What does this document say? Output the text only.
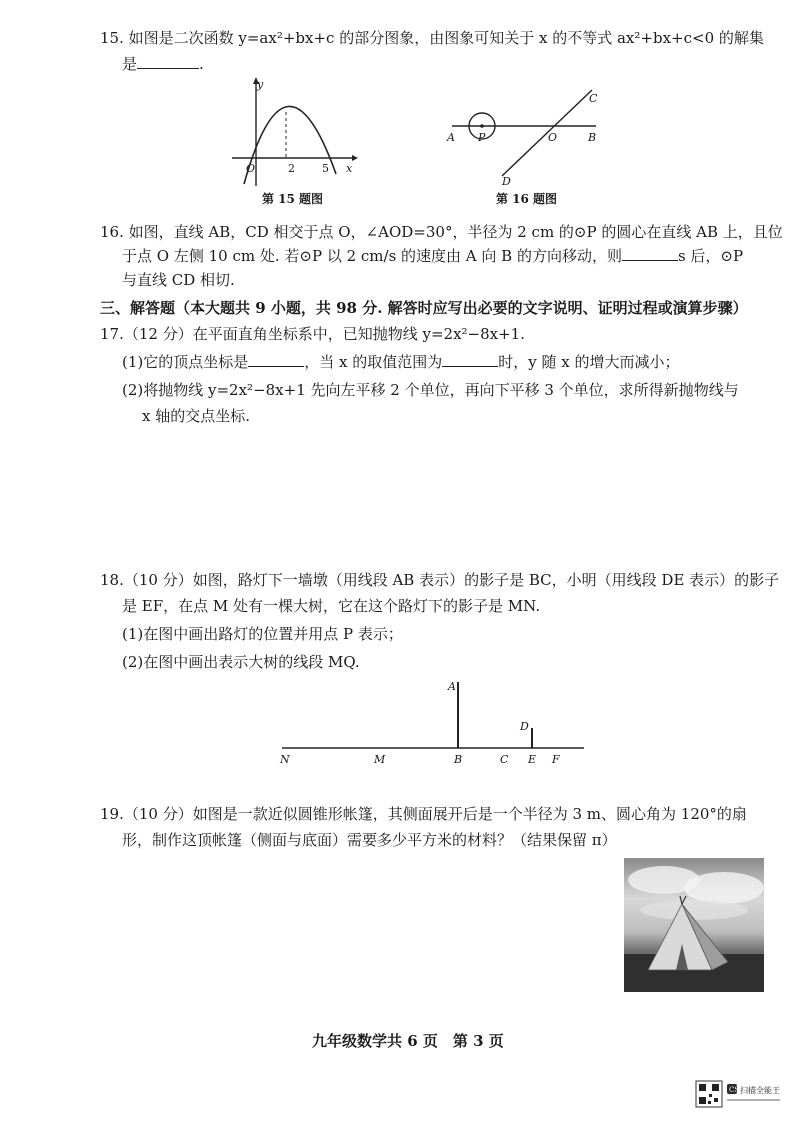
15. 如图是二次函数 y=ax²+bx+c 的部分图象，由图象可知关于 x 的不等式 ax²+bx+c<0 的解集
是	.
y
x
O	2 5
第 15 题图
A P	O	B
C
D
第 16 题图
16. 如图，直线 AB，CD 相交于点 O，∠AOD=30°，半径为 2 cm 的⊙P 的圆心在直线 AB 上，且位
于点 O 左侧 10 cm 处. 若⊙P 以 2 cm/s 的速度由 A 向 B 的方向移动，则	s 后，⊙P
与直线 CD 相切.
三、解答题（本大题共 9 小题，共 98 分. 解答时应写出必要的文字说明、证明过程或演算步骤）
17.（12 分）在平面直角坐标系中，已知抛物线 y=2x²−8x+1.
(1)它的顶点坐标是	，当 x 的取值范围为	时，y 随 x 的增大而减小；
(2)将抛物线 y=2x²−8x+1 先向左平移 2 个单位，再向下平移 3 个单位，求所得新抛物线与
x 轴的交点坐标.
18.（10 分）如图，路灯下一墙墩（用线段 AB 表示）的影子是 BC，小明（用线段 DE 表示）的影子
是 EF，在点 M 处有一棵大树，它在这个路灯下的影子是 MN.
(1)在图中画出路灯的位置并用点 P 表示；
(2)在图中画出表示大树的线段 MQ.
A
D
N	M	B	C E F
19.（10 分）如图是一款近似圆锥形帐篷，其侧面展开后是一个半径为 3 m、圆心角为 120°的扇
形，制作这顶帐篷（侧面与底面）需要多少平方米的材料？（结果保留 π）
九年级数学共 6 页　第 3 页
CS 扫描全能王
